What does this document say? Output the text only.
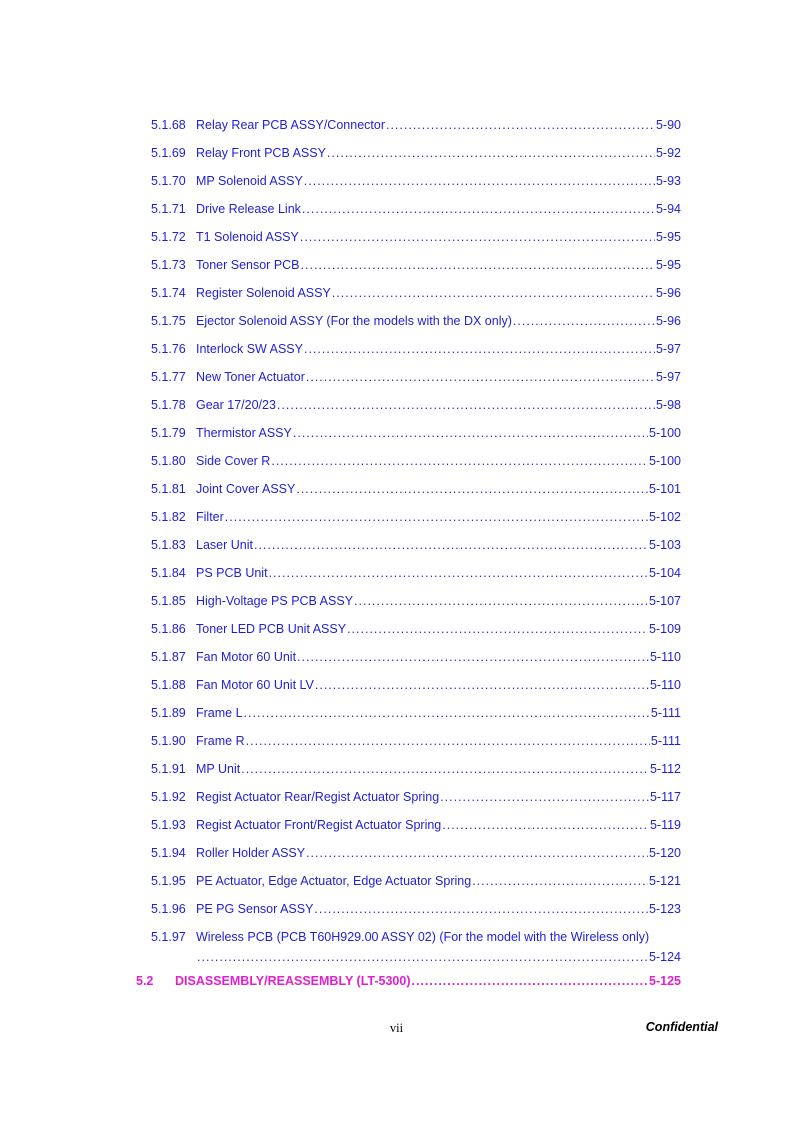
5.1.68 Relay Rear PCB ASSY/Connector .....	5-90
5.1.69 Relay Front PCB ASSY .....	5-92
5.1.70 MP Solenoid ASSY .....	5-93
5.1.71 Drive Release Link .....	5-94
5.1.72 T1 Solenoid ASSY .....	5-95
5.1.73 Toner Sensor PCB .....	5-95
5.1.74 Register Solenoid ASSY .....	5-96
5.1.75 Ejector Solenoid ASSY (For the models with the DX only) .....	5-96
5.1.76 Interlock SW ASSY .....	5-97
5.1.77 New Toner Actuator .....	5-97
5.1.78 Gear 17/20/23 .....	5-98
5.1.79 Thermistor ASSY .....	5-100
5.1.80 Side Cover R .....	5-100
5.1.81 Joint Cover ASSY .....	5-101
5.1.82 Filter .....	5-102
5.1.83 Laser Unit .....	5-103
5.1.84 PS PCB Unit .....	5-104
5.1.85 High-Voltage PS PCB ASSY .....	5-107
5.1.86 Toner LED PCB Unit ASSY .....	5-109
5.1.87 Fan Motor 60 Unit .....	5-110
5.1.88 Fan Motor 60 Unit LV .....	5-110
5.1.89 Frame L .....	5-111
5.1.90 Frame R .....	5-111
5.1.91 MP Unit .....	5-112
5.1.92 Regist Actuator Rear/Regist Actuator Spring .....	5-117
5.1.93 Regist Actuator Front/Regist Actuator Spring .....	5-119
5.1.94 Roller Holder ASSY .....	5-120
5.1.95 PE Actuator, Edge Actuator, Edge Actuator Spring .....	5-121
5.1.96 PE PG Sensor ASSY .....	5-123
5.1.97 Wireless PCB (PCB T60H929.00 ASSY 02) (For the model with the Wireless only)
.....
5-124
5.2 DISASSEMBLY/REASSEMBLY (LT-5300) .....	5-125
vii	Confidential
